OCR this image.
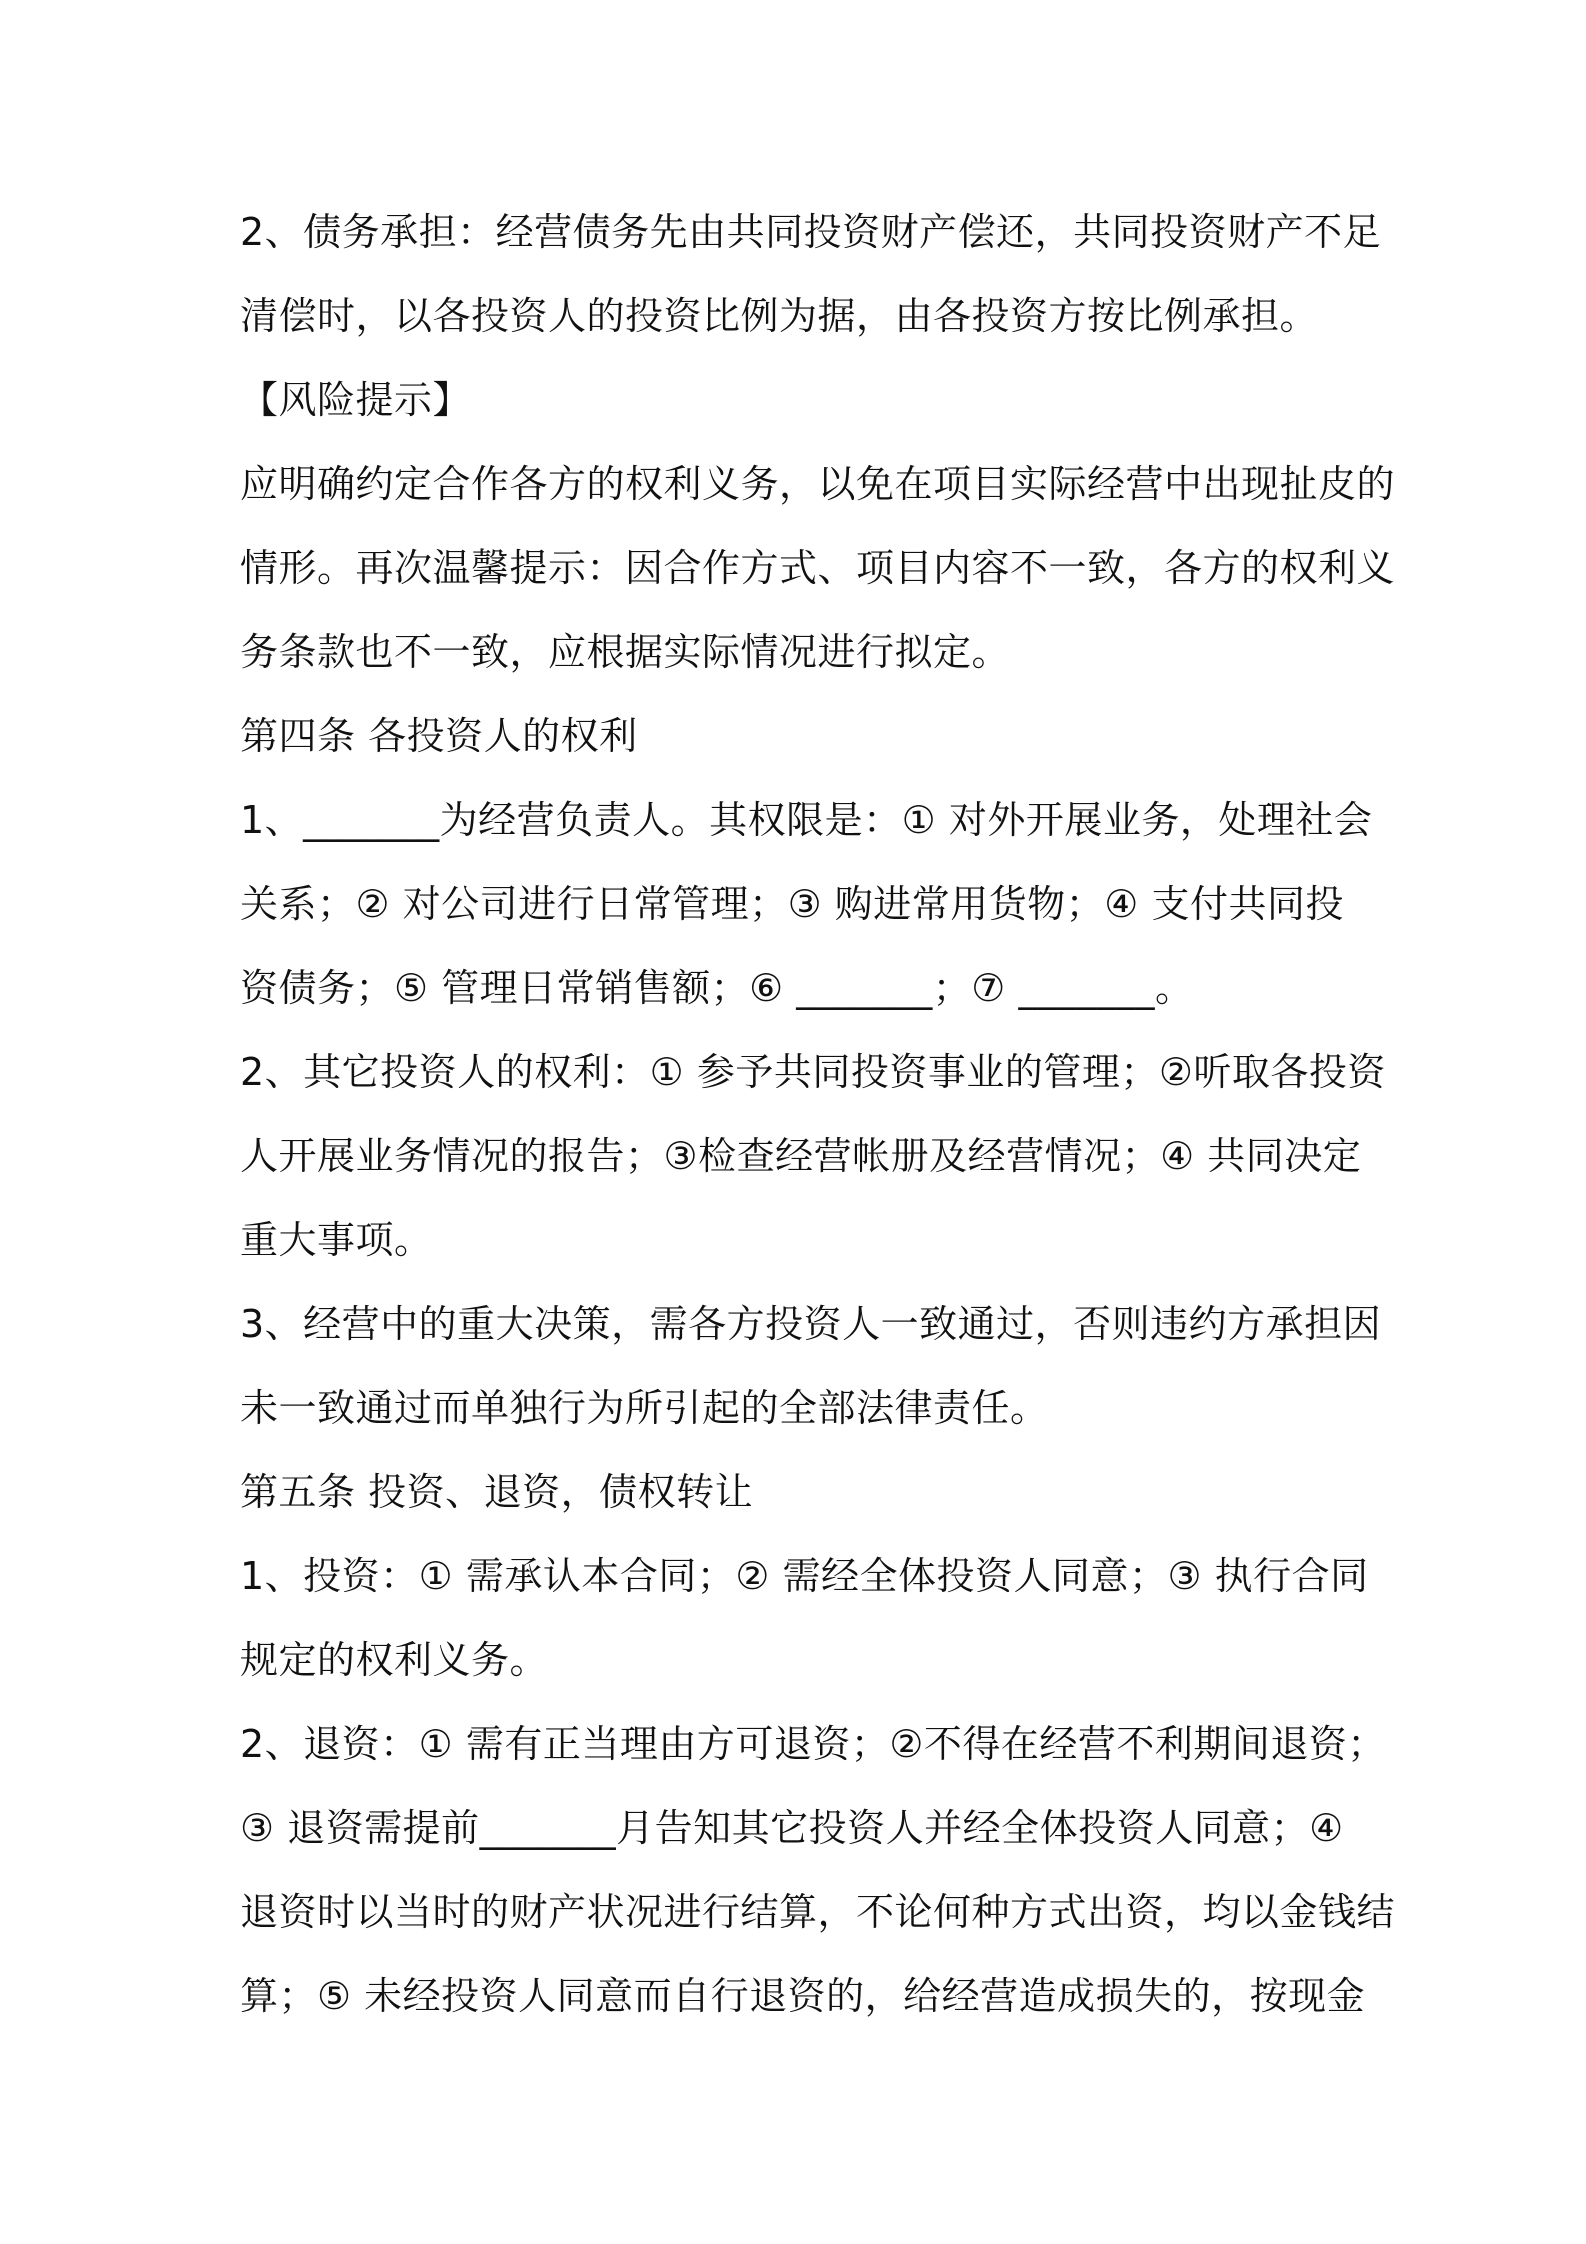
2、债务承担：经营债务先由共同投资财产偿还，共同投资财产不足
清偿时，以各投资人的投资比例为据，由各投资方按比例承担。
【风险提示】
应明确约定合作各方的权利义务，以免在项目实际经营中出现扯皮的
情形。再次温馨提示：因合作方式、项目内容不一致，各方的权利义
务条款也不一致，应根据实际情况进行拟定。
第四条 各投资人的权利
1、_______为经营负责人。其权限是：① 对外开展业务，处理社会
关系；② 对公司进行日常管理；③ 购进常用货物；④ 支付共同投
资债务；⑤ 管理日常销售额；⑥ _______；⑦ _______。
2、其它投资人的权利：① 参予共同投资事业的管理；②听取各投资
人开展业务情况的报告；③检查经营帐册及经营情况；④ 共同决定
重大事项。
3、经营中的重大决策，需各方投资人一致通过，否则违约方承担因
未一致通过而单独行为所引起的全部法律责任。
第五条 投资、退资，债权转让
1、投资：① 需承认本合同；② 需经全体投资人同意；③ 执行合同
规定的权利义务。
2、退资：① 需有正当理由方可退资；②不得在经营不利期间退资；
③ 退资需提前_______月告知其它投资人并经全体投资人同意；④
退资时以当时的财产状况进行结算，不论何种方式出资，均以金钱结
算；⑤ 未经投资人同意而自行退资的，给经营造成损失的，按现金
